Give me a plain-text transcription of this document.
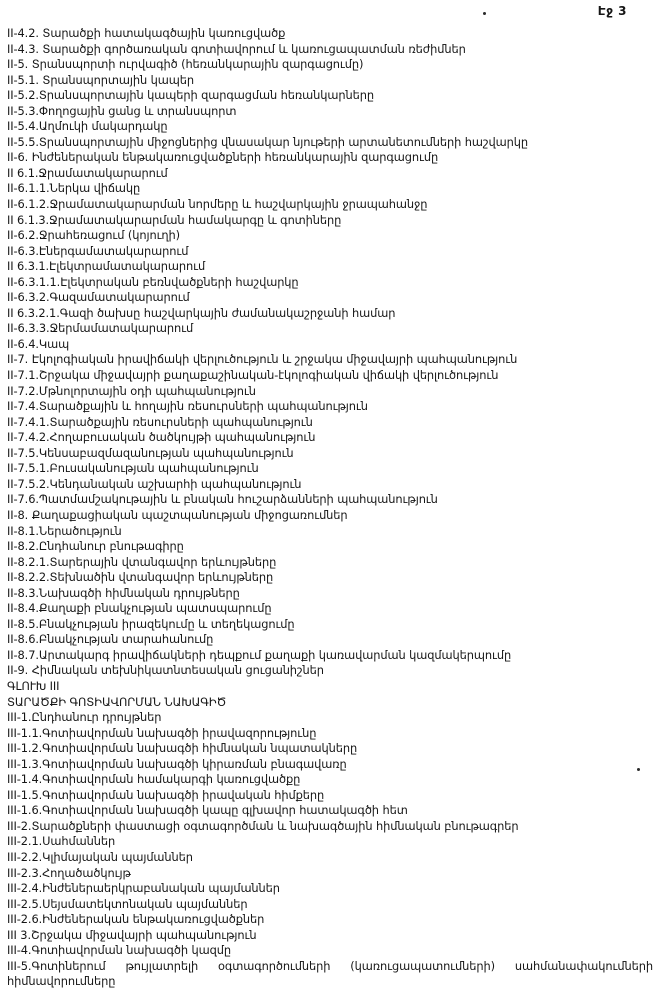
Էջ 3
II-4.2. Տարածքի հատակագծային կառուցվածք
II-4.3. Տարածքի գործառական գոտիավորում և կառուցապատման ռեժիմներ
II-5. Տրանսպորտի ուրվագիծ (հեռանկարային զարգացումը)
II-5.1. Տրանսպորտային կապեր
II-5.2.Տրանսպորտային կապերի զարգացման հեռանկարները
II-5.3.Փողոցային ցանց և տրանսպորտ
II-5.4.Աղմուկի մակարդակը
II-5.5.Տրանսպորտային միջոցներից վնասակար նյութերի արտանետումների հաշվարկը
II-6. Ինժեներական ենթակառուցվածքների հեռանկարային զարգացումը
II 6.1.Ջրամատակարարում
II-6.1.1.Ներկա վիճակը
II-6.1.2.Ջրամատակարարման նորմերը և հաշվարկային ջրապահանջը
II 6.1.3.Ջրամատակարարման համակարգը և գոտիները
II-6.2.Ջրահեռացում (կոյուղի)
II-6.3.Էներգամատակարարում
II 6.3.1.Էլեկտրամատակարարում
II-6.3.1.1.Էլեկտրական բեռնվածքների հաշվարկը
II-6.3.2.Գազամատակարարում
II 6.3.2.1.Գազի ծախսը հաշվարկային ժամանակաշրջանի համար
II-6.3.3.Ջերմամատակարարում
II-6.4.Կապ
II-7. Էկոլոգիական իրավիճակի վերլուծություն և շրջակա միջավայրի պահպանություն
II-7.1.Շրջակա միջավայրի քաղաքաշինական-էկոլոգիական վիճակի վերլուծություն
II-7.2.Մթնոլորտային օդի պահպանություն
II-7.4.Տարածքային և հողային ռեսուրսների պահպանություն
II-7.4.1.Տարածքային ռեսուրսների պահպանություն
II-7.4.2.Հողաբուսական ծածկույթի պահպանություն
II-7.5.Կենսաբազմազանության պահպանություն
II-7.5.1.Բուսականության պահպանություն
II-7.5.2.Կենդանական աշխարհի պահպանություն
II-7.6.Պատմամշակութային և բնական հուշարձանների պահպանություն
II-8. Քաղաքացիական պաշտպանության միջոցառումներ
II-8.1.Ներածություն
II-8.2.Ընդհանուր բնութագիրը
II-8.2.1.Տարերային վտանգավոր երևույթները
II-8.2.2.Տեխնածին վտանգավոր երևույթները
II-8.3.Նախագծի հիմնական դրույթները
II-8.4.Քաղաքի բնակչության պատսպարումը
II-8.5.Բնակչության իրազեկումը և տեղեկացումը
II-8.6.Բնակչության տարահանումը
II-8.7.Արտակարգ իրավիճակների դեպքում քաղաքի կառավարման կազմակերպումը
II-9. Հիմնական տեխնիկատնտեսական ցուցանիշներ
ԳԼՈՒԽ III
ՏԱՐԱԾՔԻ ԳՈՏԻԱՎՈՐՄԱՆ ՆԱԽԱԳԻԾ
III-1.Ընդհանուր դրույթներ
III-1.1.Գոտիավորման նախագծի իրավազորությունը
III-1.2.Գոտիավորման նախագծի հիմնական նպատակները
III-1.3.Գոտիավորման նախագծի կիրառման բնագավառը
III-1.4.Գոտիավորման համակարգի կառուցվածքը
III-1.5.Գոտիավորման նախագծի իրավական հիմքերը
III-1.6.Գոտիավորման նախագծի կապը գլխավոր հատակագծի հետ
III-2.Տարածքների փաստացի օգտագործման և նախագծային հիմնական բնութագրեր
III-2.1.Սահմաններ
III-2.2.Կլիմայական պայմաններ
III-2.3.Հողածածկույթ
III-2.4.Ինժեներաերկրաբանական պայմաններ
III-2.5.Սեյսմատեկտոնական պայմաններ
III-2.6.Ինժեներական ենթակառուցվածքներ
III 3.Շրջակա միջավայրի պահպանություն
III-4.Գոտիավորման նախագծի կազմը
III-5.Գոտիներում թույլատրելի օգտագործումների (կառուցապատումների) սահմանափակումների
հիմնավորումները
